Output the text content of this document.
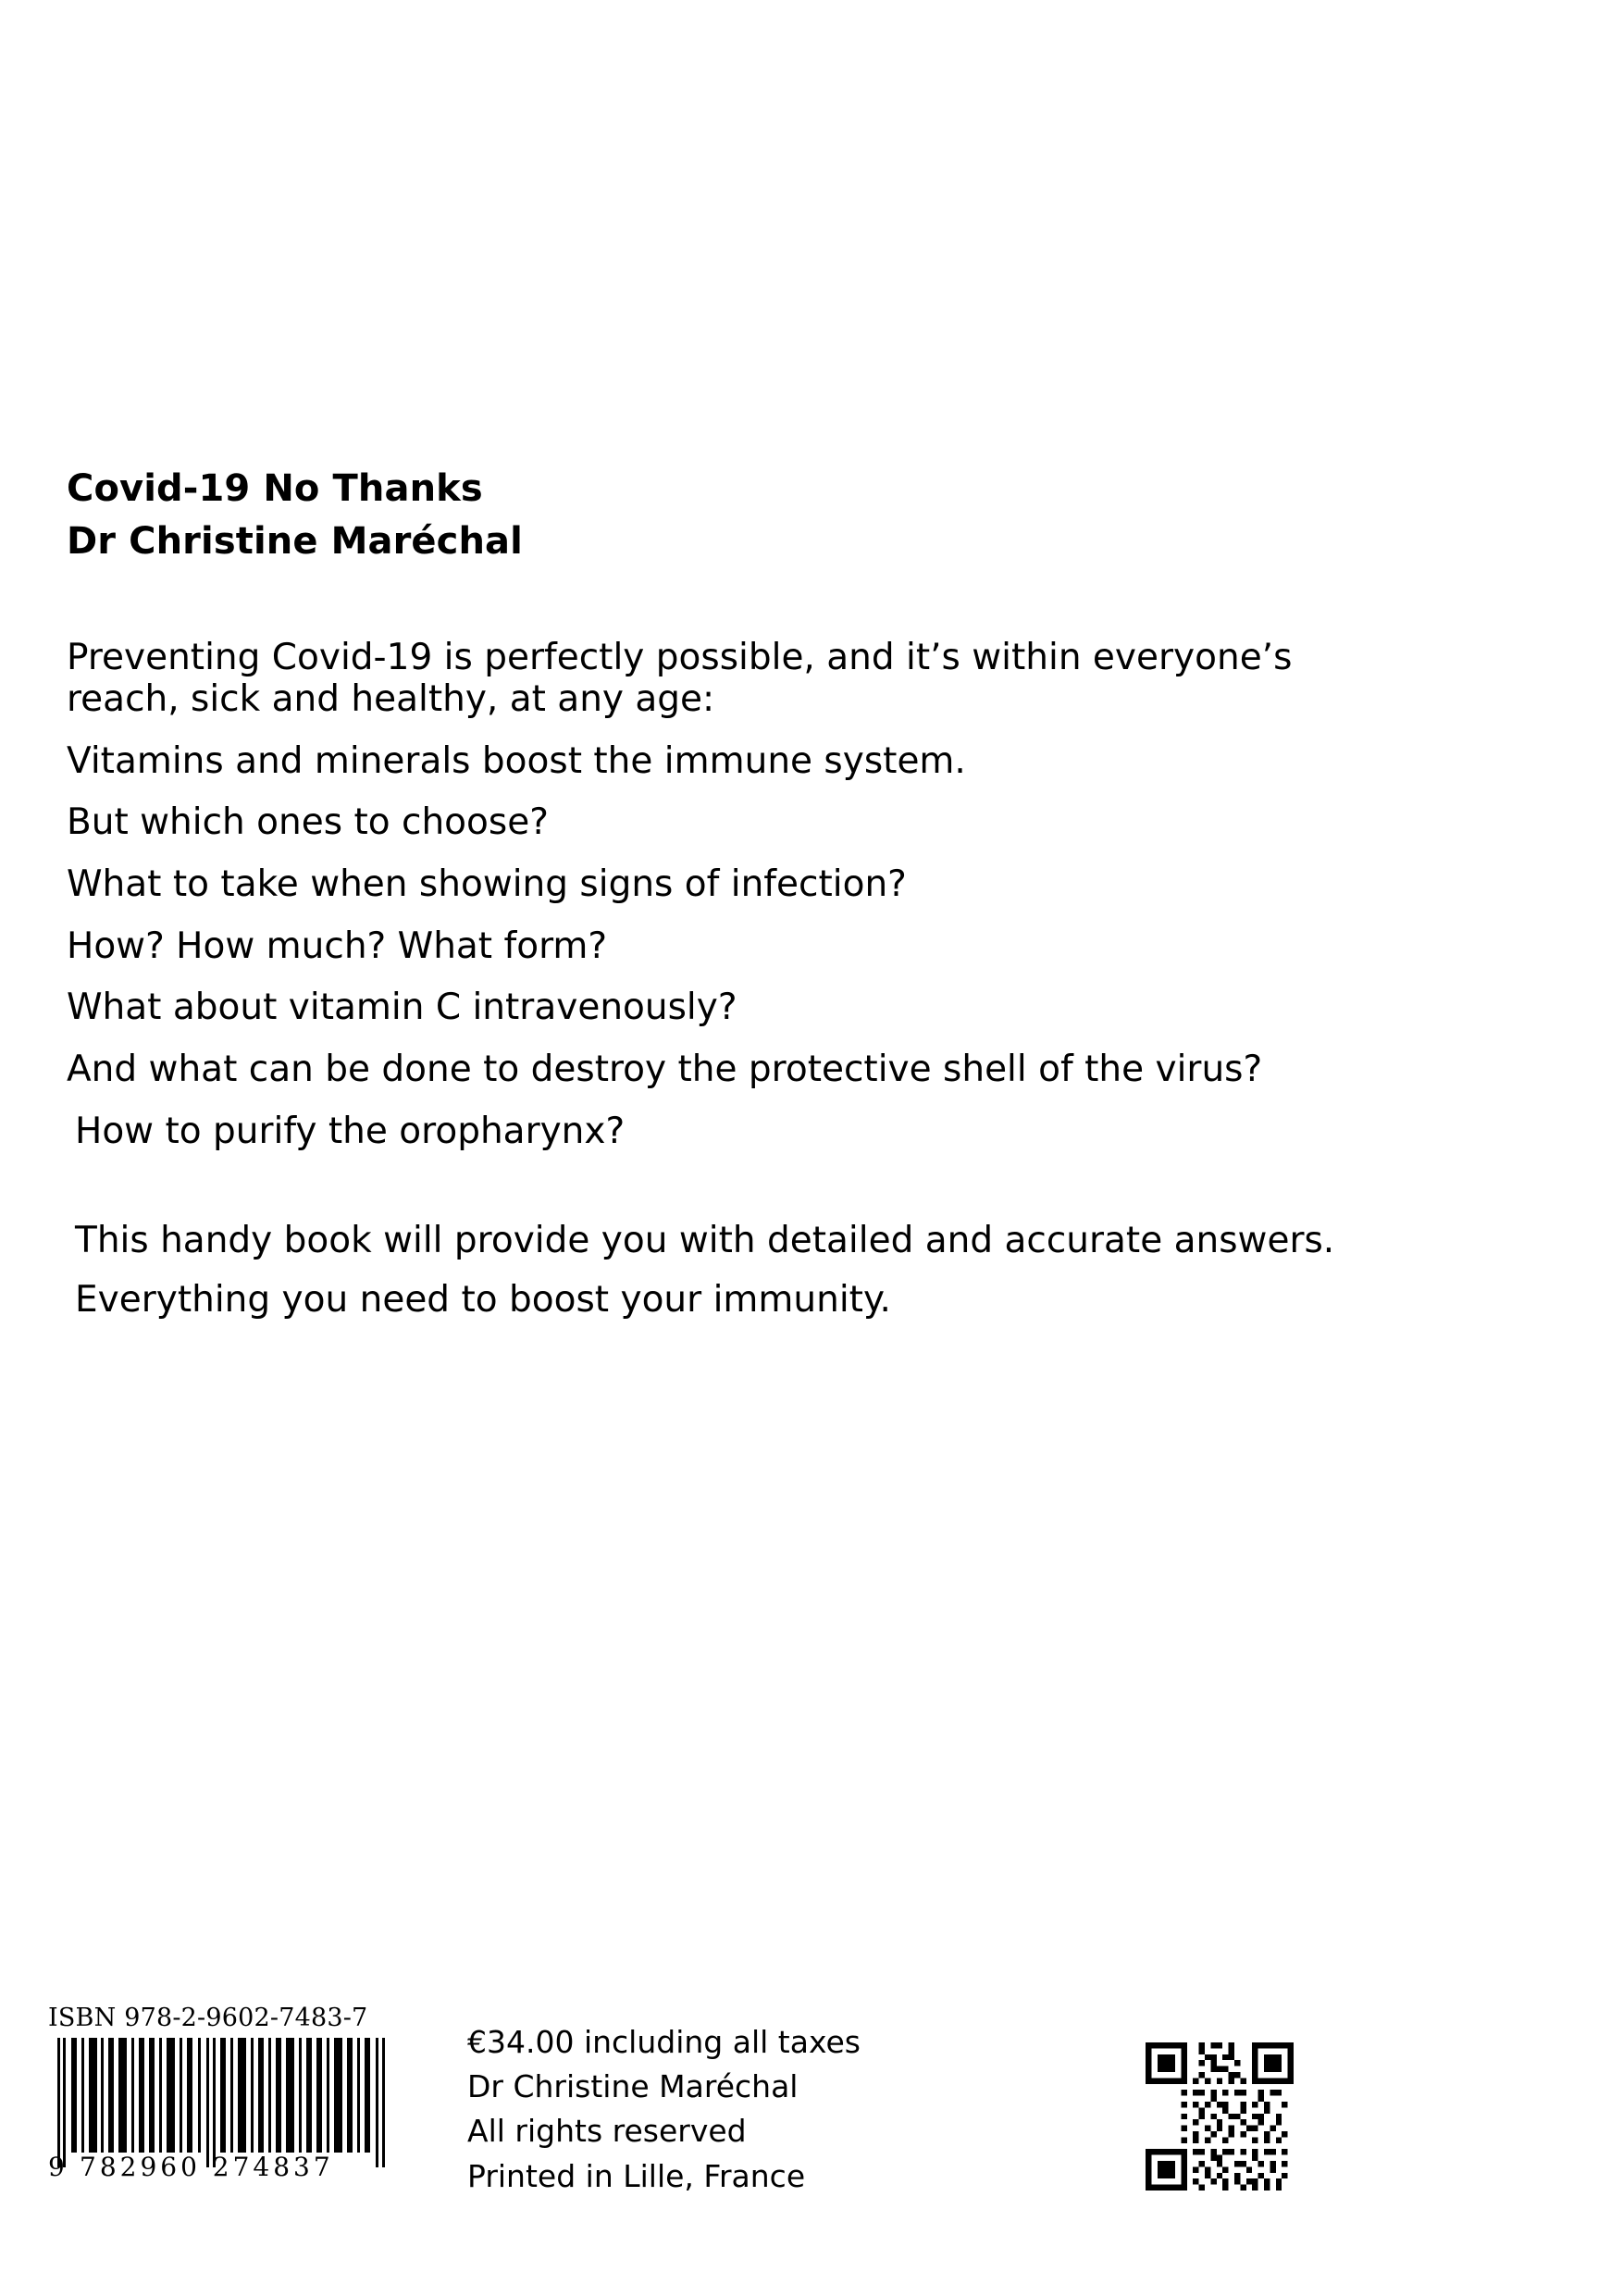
Covid-19 No Thanks
Dr Christine Maréchal

Preventing Covid-19 is perfectly possible, and it’s within everyone’s reach, sick and healthy, at any age:

Vitamins and minerals boost the immune system.

But which ones to choose?

What to take when showing signs of infection?

How? How much? What form?

What about vitamin C intravenously?

And what can be done to destroy the protective shell of the virus?

How to purify the oropharynx?

This handy book will provide you with detailed and accurate answers.

Everything you need to boost your immunity.

ISBN 978-2-9602-7483-7
9 782960 274837
€34.00 including all taxes
Dr Christine Maréchal
All rights reserved
Printed in Lille, France
